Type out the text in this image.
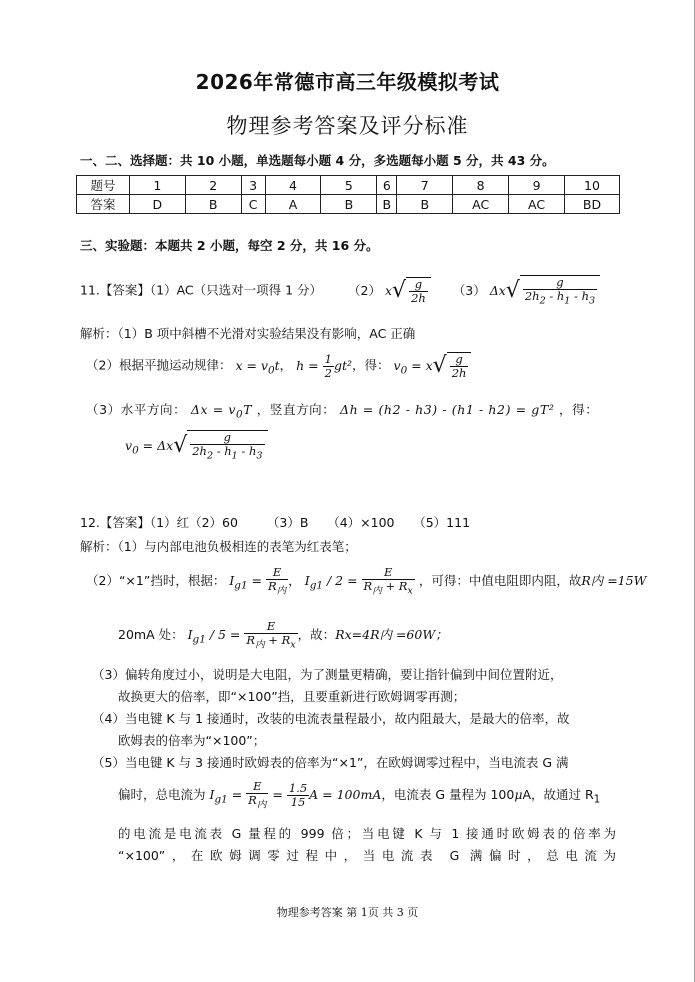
2026年常德市高三年级模拟考试
物理参考答案及评分标准
一、二、选择题：共 10 小题，单选题每小题 4 分，多选题每小题 5 分，共 43 分。
题号	1	2	3	4	5	6	7	8	9	10
答案	D	B	C	A	B	B	B	AC	AC	BD
三、实验题：本题共 2 小题，每空 2 分，共 16 分。
11.【答案】（1）AC（只选对一项得 1 分） （2） $x√ \frac{g}{2h} (3)$ $\Delta x√ \frac{g}{2h_2 - h_1 - h_3}$
解析：（1）B 项中斜槽不光滑对实验结果没有影响，AC 正确
（2）根据平抛运动规律： $x = v_0t$， $h = \frac{1}{2} gt^2$，得： $v_0 = x√ \frac{g}{2h}$
（3）水平方向： $\Delta x = v_0T$ ，竖直方向： Δh = (h2 - h3) - (h1 - h2) = gT² ，得：
$v_0 = \Delta x√ \frac{g}{2h_2 - h_1 - h_3}$
12.【答案】（1）红（2）60　　 （3）B　　（4）×100　　（5）111
解析：（1）与内部电池负极相连的表笔为红表笔；
（2）“×1”挡时，根据： $I_{g1} = \frac{E}{R_内}$ ， $I_{g1} / 2 = \frac{E}{R_内 + R_x}$ ，可得：中值电阻即内阻，故R内 =15W
20mA 处： $I_{g1} / 5 = \frac{E}{R_内 + R_x}$ ，故：Rx=4R内 =60W；
（3）偏转角度过小，说明是大电阻，为了测量更精确，要让指针偏到中间位置附近，
故换更大的倍率，即“×100”挡，且要重新进行欧姆调零再测；
（4）当电键 K 与 1 接通时，改装的电流表量程最小，故内阻最大，是最大的倍率，故
欧姆表的倍率为“×100”；
（5）当电键 K 与 3 接通时欧姆表的倍率为“×1”，在欧姆调零过程中，当电流表 G 满
偏时，总电流为 $I_{g1} = \frac{E}{R_内} = \frac{1.5}{15}$ A = 100mA，电流表 G 量程为 100μA，故通过 $R_1$
的电流是电流表 G 量程的 999 倍；当电键 K 与 1 接通时欧姆表的倍率为
“×100”，在欧姆调零过程中，当电流表 G 满偏时，总电流为
物理参考答案 第 1页 共 3 页
